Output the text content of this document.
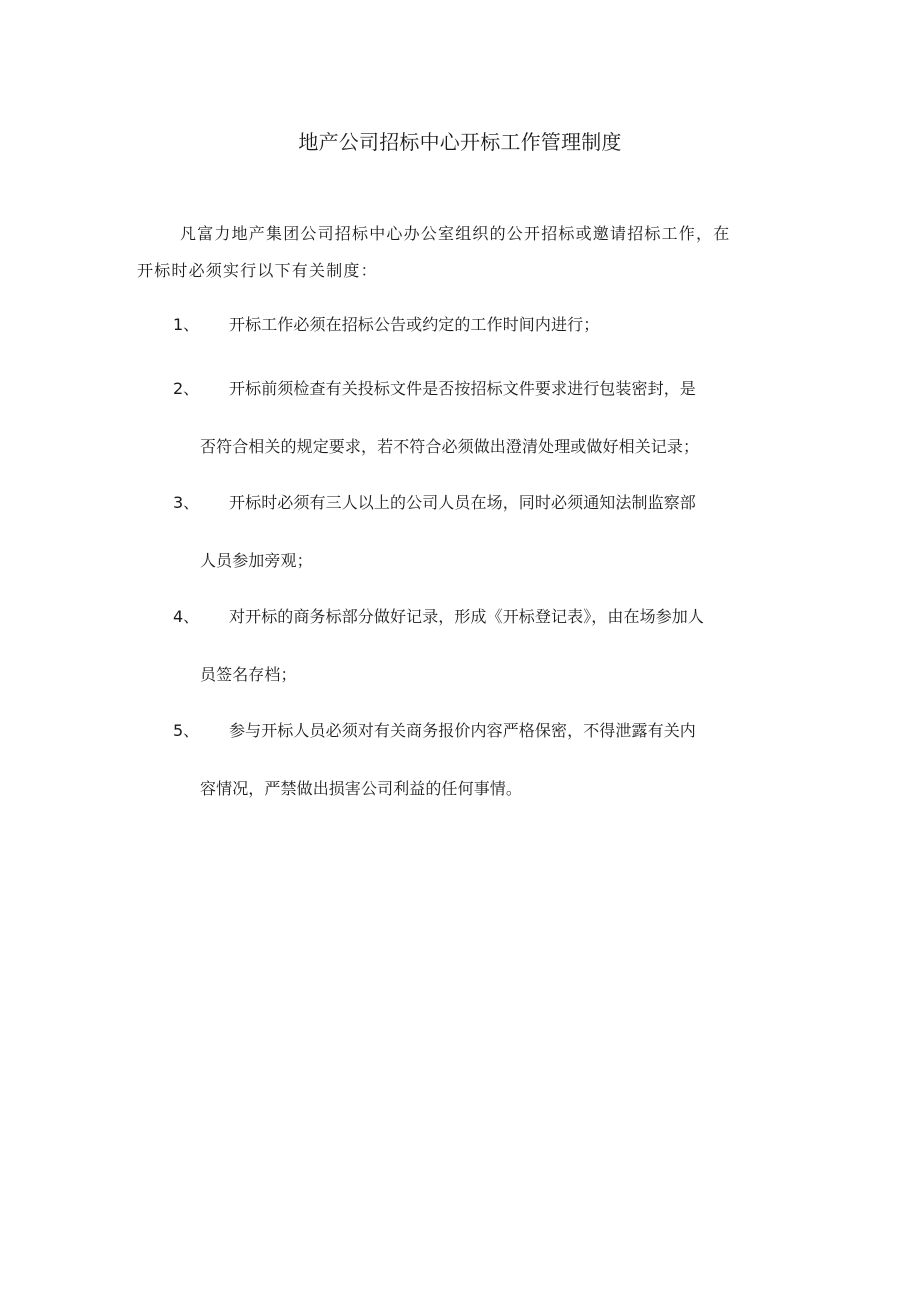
地产公司招标中心开标工作管理制度
凡富力地产集团公司招标中心办公室组织的公开招标或邀请招标工作，在
开标时必须实行以下有关制度：
1、 开标工作必须在招标公告或约定的工作时间内进行；
2、 开标前须检查有关投标文件是否按招标文件要求进行包装密封，是
否符合相关的规定要求，若不符合必须做出澄清处理或做好相关记录；
3、 开标时必须有三人以上的公司人员在场，同时必须通知法制监察部
人员参加旁观；
4、 对开标的商务标部分做好记录，形成《开标登记表》，由在场参加人
员签名存档；
5、 参与开标人员必须对有关商务报价内容严格保密，不得泄露有关内
容情况，严禁做出损害公司利益的任何事情。
